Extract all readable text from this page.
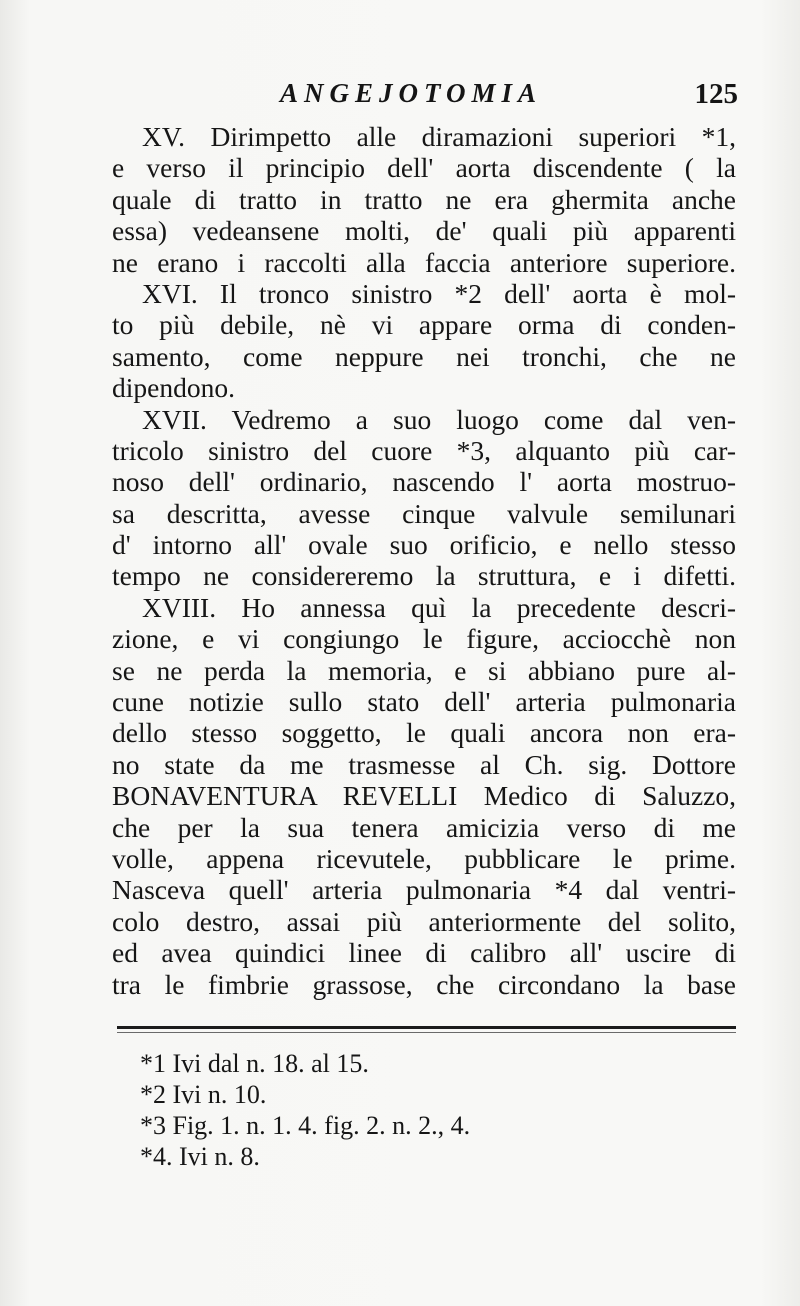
ANGEJOTOMIA	125
XV. Dirimpetto alle diramazioni superiori *1,
e verso il principio dell' aorta discendente ( la
quale di tratto in tratto ne era ghermita anche
essa) vedeansene molti, de' quali più apparenti
ne erano i raccolti alla faccia anteriore superiore.
XVI. Il tronco sinistro *2 dell' aorta è mol-
to più debile, nè vi appare orma di conden-
samento, come neppure nei tronchi, che ne
dipendono.
XVII. Vedremo a suo luogo come dal ven-
tricolo sinistro del cuore *3, alquanto più car-
noso dell' ordinario, nascendo l' aorta mostruo-
sa descritta, avesse cinque valvule semilunari
d' intorno all' ovale suo orificio, e nello stesso
tempo ne considereremo la struttura, e i difetti.
XVIII. Ho annessa quì la precedente descri-
zione, e vi congiungo le figure, acciocchè non
se ne perda la memoria, e si abbiano pure al-
cune notizie sullo stato dell' arteria pulmonaria
dello stesso soggetto, le quali ancora non era-
no state da me trasmesse al Ch. sig. Dottore
BONAVENTURA REVELLI Medico di Saluzzo,
che per la sua tenera amicizia verso di me
volle, appena ricevutele, pubblicare le prime.
Nasceva quell' arteria pulmonaria *4 dal ventri-
colo destro, assai più anteriormente del solito,
ed avea quindici linee di calibro all' uscire di
tra le fimbrie grassose, che circondano la base
*1 Ivi dal n. 18. al 15.
*2 Ivi n. 10.
*3 Fig. 1. n. 1. 4. fig. 2. n. 2., 4.
*4. Ivi n. 8.
